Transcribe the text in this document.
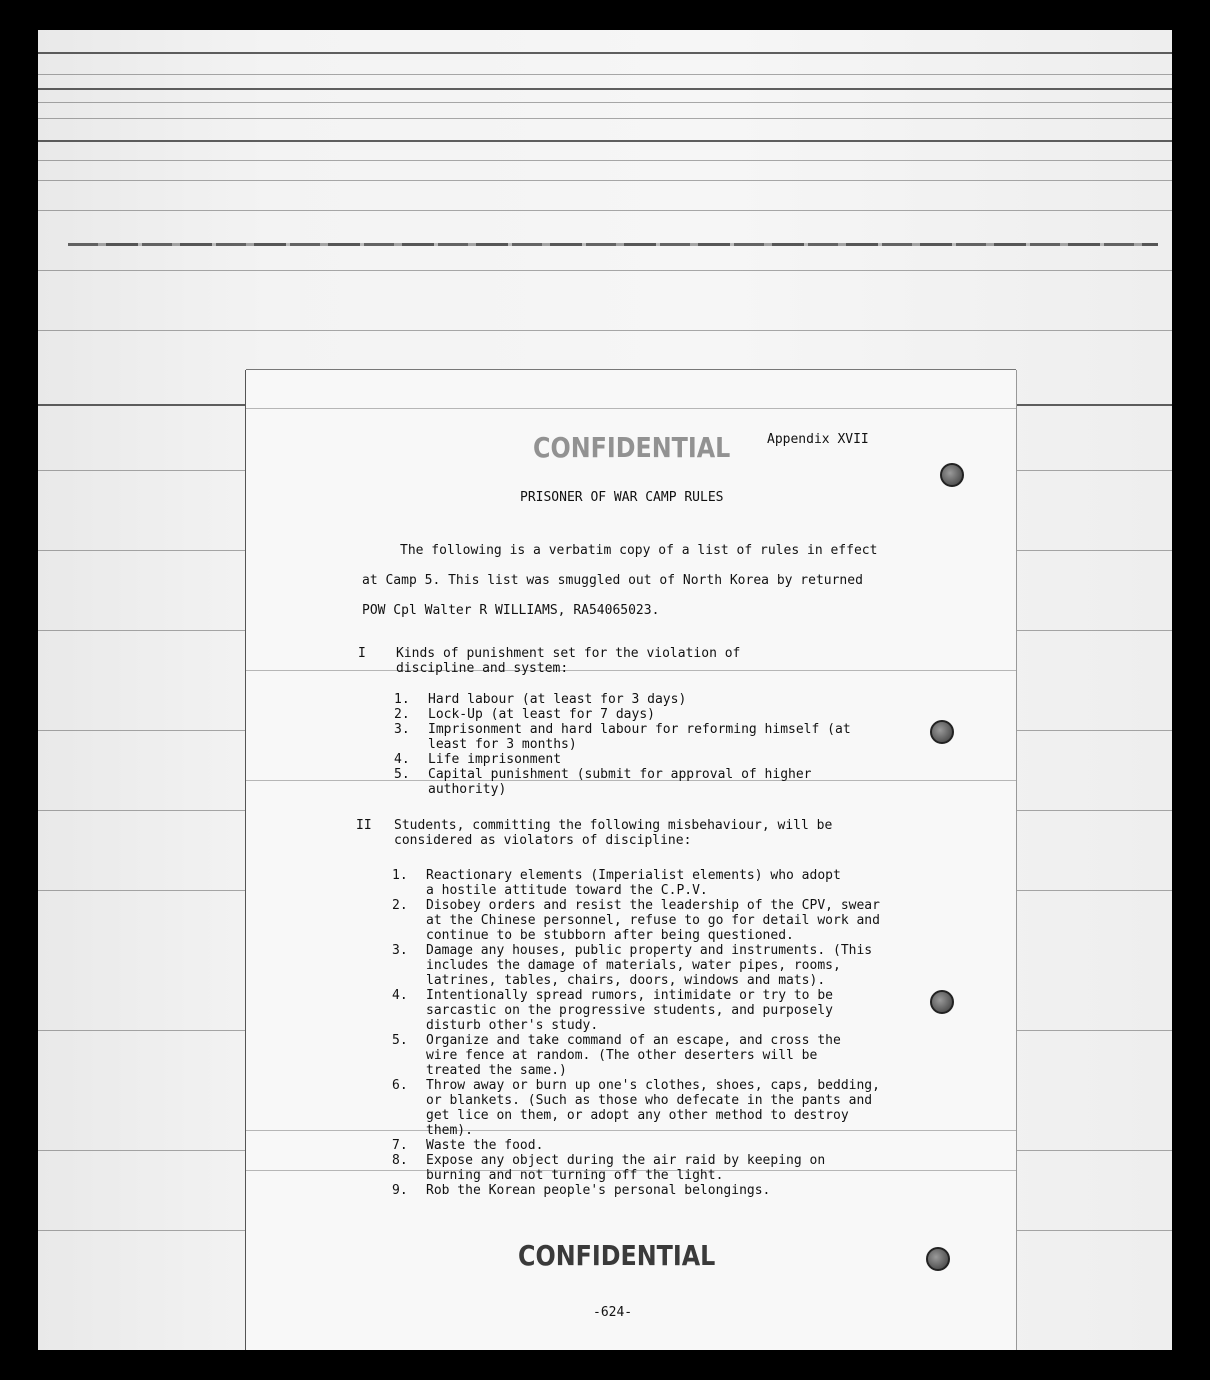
Appendix XVII
CONFIDENTIAL
PRISONER OF WAR CAMP RULES

The following is a verbatim copy of a list of rules in effect

at Camp 5. This list was smuggled out of North Korea by returned

POW Cpl Walter R WILLIAMS, RA54065023.

I	Kinds of punishment set for the violation of discipline and system:
1. Hard labour (at least for 3 days)
2. Lock-Up (at least for 7 days)
3. Imprisonment and hard labour for reforming himself (at least for 3 months)
4. Life imprisonment
5. Capital punishment (submit for approval of higher authority)
II	Students, committing the following misbehaviour, will be considered as violators of discipline:
1. Reactionary elements (Imperialist elements) who adopt a hostile attitude toward the C.P.V.
2. Disobey orders and resist the leadership of the CPV, swear at the Chinese personnel, refuse to go for detail work and continue to be stubborn after being questioned.
3. Damage any houses, public property and instruments. (This includes the damage of materials, water pipes, rooms, latrines, tables, chairs, doors, windows and mats).
4. Intentionally spread rumors, intimidate or try to be sarcastic on the progressive students, and purposely disturb other's study.
5. Organize and take command of an escape, and cross the wire fence at random. (The other deserters will be treated the same.)
6. Throw away or burn up one's clothes, shoes, caps, bedding, or blankets. (Such as those who defecate in the pants and get lice on them, or adopt any other method to destroy them).
7. Waste the food.
8. Expose any object during the air raid by keeping on burning and not turning off the light.
9. Rob the Korean people's personal belongings.
CONFIDENTIAL
-624-
